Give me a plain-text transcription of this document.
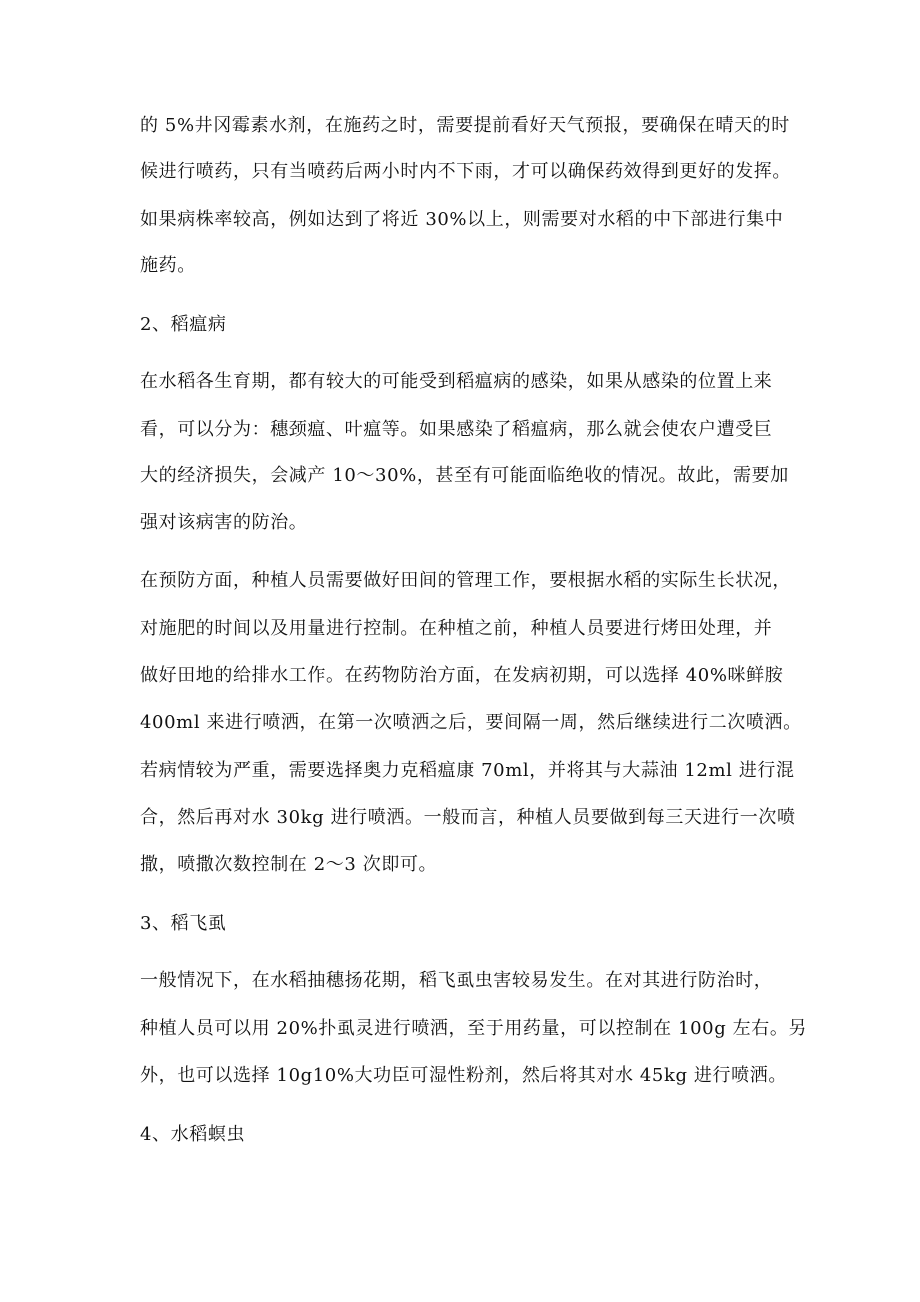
的 5%井冈霉素水剂，在施药之时，需要提前看好天气预报，要确保在晴天的时
候进行喷药，只有当喷药后两小时内不下雨，才可以确保药效得到更好的发挥。
如果病株率较高，例如达到了将近 30%以上，则需要对水稻的中下部进行集中
施药。
2、稻瘟病
在水稻各生育期，都有较大的可能受到稻瘟病的感染，如果从感染的位置上来
看，可以分为：穗颈瘟、叶瘟等。如果感染了稻瘟病，那么就会使农户遭受巨
大的经济损失，会减产 10～30%，甚至有可能面临绝收的情况。故此，需要加
强对该病害的防治。
在预防方面，种植人员需要做好田间的管理工作，要根据水稻的实际生长状况，
对施肥的时间以及用量进行控制。在种植之前，种植人员要进行烤田处理，并
做好田地的给排水工作。在药物防治方面，在发病初期，可以选择 40%咪鲜胺
400ml 来进行喷洒，在第一次喷洒之后，要间隔一周，然后继续进行二次喷洒。
若病情较为严重，需要选择奥力克稻瘟康 70ml，并将其与大蒜油 12ml 进行混
合，然后再对水 30kg 进行喷洒。一般而言，种植人员要做到每三天进行一次喷
撒，喷撒次数控制在 2～3 次即可。
3、稻飞虱
一般情况下，在水稻抽穗扬花期，稻飞虱虫害较易发生。在对其进行防治时，
种植人员可以用 20%扑虱灵进行喷洒，至于用药量，可以控制在 100g 左右。另
外，也可以选择 10g10%大功臣可湿性粉剂，然后将其对水 45kg 进行喷洒。
4、水稻螟虫
